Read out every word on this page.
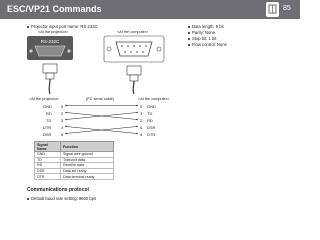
ESC/VP21 Commands	85
Projector input port name: RS-232C
<At the projector>	<At the computer>
Data length: 8 bit
Parity: None
Stop bit: 1 bit
Flow control: None
RS-232C
<At the projector>	(PC serial cable)	<At the computer>
GND 5
RD 2
TD 3
DTR 4
DSR 6
5 GND
3 TD
2 RD
6 DSR
4 DTR
Signal Name	Function
GND	Signal wire ground
TD	Transmit data
RD	Receive data
DSR	Data set ready
DTR	Data terminal ready
Communications protocol
Default baud rate setting: 9600 bps
